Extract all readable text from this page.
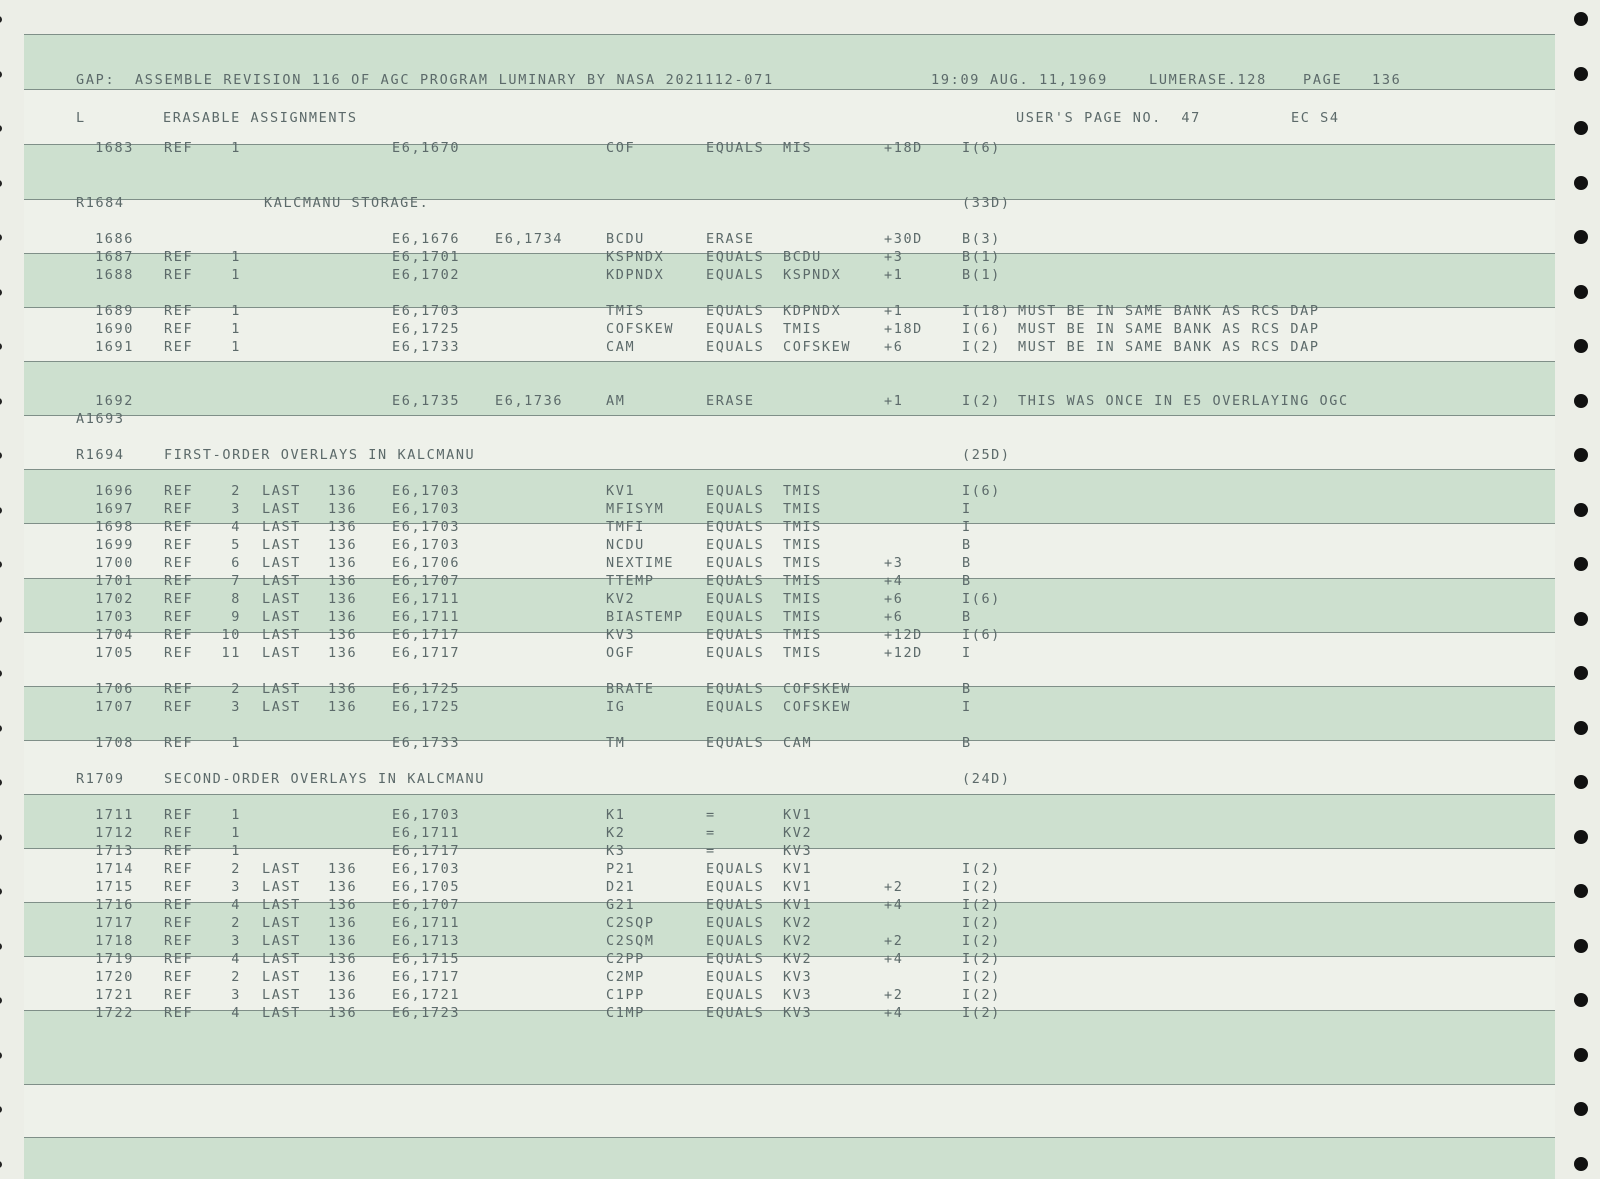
GAP:  ASSEMBLE REVISION 116 OF AGC PROGRAM LUMINARY BY NASA 2021112-071	19:09 AUG. 11,1969	LUMERASE.128	PAGE 136
L	ERASABLE ASSIGNMENTS	USER'S PAGE NO.  47	EC S4
1683 REF	1	E6,1670	COF	EQUALS MIS	+18D	I(6)
R1684	KALCMANU STORAGE.	(33D)
1686	E6,1676	E6,1734	BCDU	ERASE	+30D	B(3)
1687 REF	1	E6,1701	KSPNDX	EQUALS BCDU	+3	B(1)
1688 REF	1	E6,1702	KDPNDX	EQUALS KSPNDX	+1	B(1)
1689 REF	1	E6,1703	TMIS	EQUALS KDPNDX	+1	I(18) MUST BE IN SAME BANK AS RCS DAP
1690 REF	1	E6,1725	COFSKEW EQUALS TMIS	+18D	I(6) MUST BE IN SAME BANK AS RCS DAP
1691 REF	1	E6,1733	CAM	EQUALS COFSKEW +6	I(2) MUST BE IN SAME BANK AS RCS DAP
1692	E6,1735	E6,1736	AM	ERASE	+1	I(2) THIS WAS ONCE IN E5 OVERLAYING OGC
A1693
R1694	FIRST-ORDER OVERLAYS IN KALCMANU	(25D)
1696 REF	2 LAST 136	E6,1703	KV1	EQUALS TMIS	I(6)
1697 REF	3 LAST 136	E6,1703	MFISYM	EQUALS TMIS	I
1698 REF	4 LAST 136	E6,1703	TMFI	EQUALS TMIS	I
1699 REF	5 LAST 136	E6,1703	NCDU	EQUALS TMIS	B
1700 REF	6 LAST 136	E6,1706	NEXTIME EQUALS TMIS	+3	B
1701 REF	7 LAST 136	E6,1707	TTEMP	EQUALS TMIS	+4	B
1702 REF	8 LAST 136	E6,1711	KV2	EQUALS TMIS	+6	I(6)
1703 REF	9 LAST 136	E6,1711	BIASTEMP EQUALS TMIS	+6	B
1704 REF 10 LAST 136	E6,1717	KV3	EQUALS TMIS	+12D	I(6)
1705 REF 11 LAST 136	E6,1717	OGF	EQUALS TMIS	+12D	I
1706 REF	2 LAST 136	E6,1725	BRATE	EQUALS COFSKEW	B
1707 REF	3 LAST 136	E6,1725	IG	EQUALS COFSKEW	I
1708 REF	1	E6,1733	TM	EQUALS CAM	B
R1709	SECOND-ORDER OVERLAYS IN KALCMANU	(24D)
1711 REF	1	E6,1703	K1	=	KV1
1712 REF	1	E6,1711	K2	=	KV2
1713 REF	1	E6,1717	K3	=	KV3
1714 REF	2 LAST 136	E6,1703	P21	EQUALS KV1	I(2)
1715 REF	3 LAST 136	E6,1705	D21	EQUALS KV1	+2	I(2)
1716 REF	4 LAST 136	E6,1707	G21	EQUALS KV1	+4	I(2)
1717 REF	2 LAST 136	E6,1711	C2SQP	EQUALS KV2	I(2)
1718 REF	3 LAST 136	E6,1713	C2SQM	EQUALS KV2	+2	I(2)
1719 REF	4 LAST 136	E6,1715	C2PP	EQUALS KV2	+4	I(2)
1720 REF	2 LAST 136	E6,1717	C2MP	EQUALS KV3	I(2)
1721 REF	3 LAST 136	E6,1721	C1PP	EQUALS KV3	+2	I(2)
1722 REF	4 LAST 136	E6,1723	C1MP	EQUALS KV3	+4	I(2)
